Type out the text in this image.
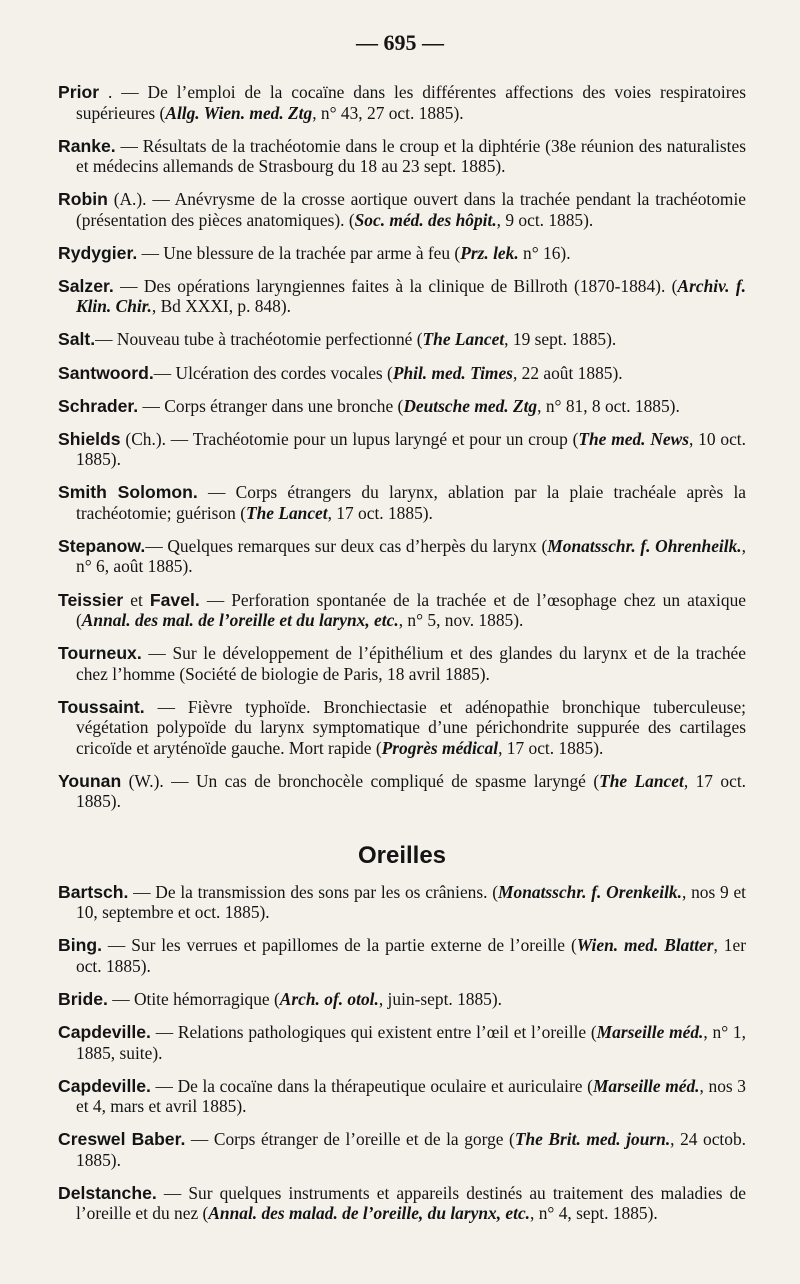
— 695 —

Prior . — De l’emploi de la cocaïne dans les différentes affections des voies respiratoires supérieures (Allg. Wien. med. Ztg, n° 43, 27 oct. 1885).

Ranke. — Résultats de la trachéotomie dans le croup et la diphtérie (38e réunion des naturalistes et médecins allemands de Strasbourg du 18 au 23 sept. 1885).

Robin (A.). — Anévrysme de la crosse aortique ouvert dans la trachée pendant la trachéotomie (présentation des pièces anatomiques). (Soc. méd. des hôpit., 9 oct. 1885).

Rydygier. — Une blessure de la trachée par arme à feu (Prz. lek. n° 16).

Salzer. — Des opérations laryngiennes faites à la clinique de Billroth (1870-1884). (Archiv. f. Klin. Chir., Bd XXXI, p. 848).

Salt.— Nouveau tube à trachéotomie perfectionné (The Lancet, 19 sept. 1885).

Santwoord.— Ulcération des cordes vocales (Phil. med. Times, 22 août 1885).

Schrader. — Corps étranger dans une bronche (Deutsche med. Ztg, n° 81, 8 oct. 1885).

Shields (Ch.). — Trachéotomie pour un lupus laryngé et pour un croup (The med. News, 10 oct. 1885).

Smith Solomon. — Corps étrangers du larynx, ablation par la plaie trachéale après la trachéotomie; guérison (The Lancet, 17 oct. 1885).

Stepanow.— Quelques remarques sur deux cas d’herpès du larynx (Monatsschr. f. Ohrenheilk., n° 6, août 1885).

Teissier et Favel. — Perforation spontanée de la trachée et de l’œsophage chez un ataxique (Annal. des mal. de l’oreille et du larynx, etc., n° 5, nov. 1885).

Tourneux. — Sur le développement de l’épithélium et des glandes du larynx et de la trachée chez l’homme (Société de biologie de Paris, 18 avril 1885).

Toussaint. — Fièvre typhoïde. Bronchiectasie et adénopathie bronchique tuberculeuse; végétation polypoïde du larynx symptomatique d’une périchondrite suppurée des cartilages cricoïde et aryténoïde gauche. Mort rapide (Progrès médical, 17 oct. 1885).

Younan (W.). — Un cas de bronchocèle compliqué de spasme laryngé (The Lancet, 17 oct. 1885).

Oreilles

Bartsch. — De la transmission des sons par les os crâniens. (Monatsschr. f. Orenkeilk., nos 9 et 10, septembre et oct. 1885).

Bing. — Sur les verrues et papillomes de la partie externe de l’oreille (Wien. med. Blatter, 1er oct. 1885).

Bride. — Otite hémorragique (Arch. of. otol., juin-sept. 1885).

Capdeville. — Relations pathologiques qui existent entre l’œil et l’oreille (Marseille méd., n° 1, 1885, suite).

Capdeville. — De la cocaïne dans la thérapeutique oculaire et auriculaire (Marseille méd., nos 3 et 4, mars et avril 1885).

Creswel Baber. — Corps étranger de l’oreille et de la gorge (The Brit. med. journ., 24 octob. 1885).

Delstanche. — Sur quelques instruments et appareils destinés au traitement des maladies de l’oreille et du nez (Annal. des malad. de l’oreille, du larynx, etc., n° 4, sept. 1885).
